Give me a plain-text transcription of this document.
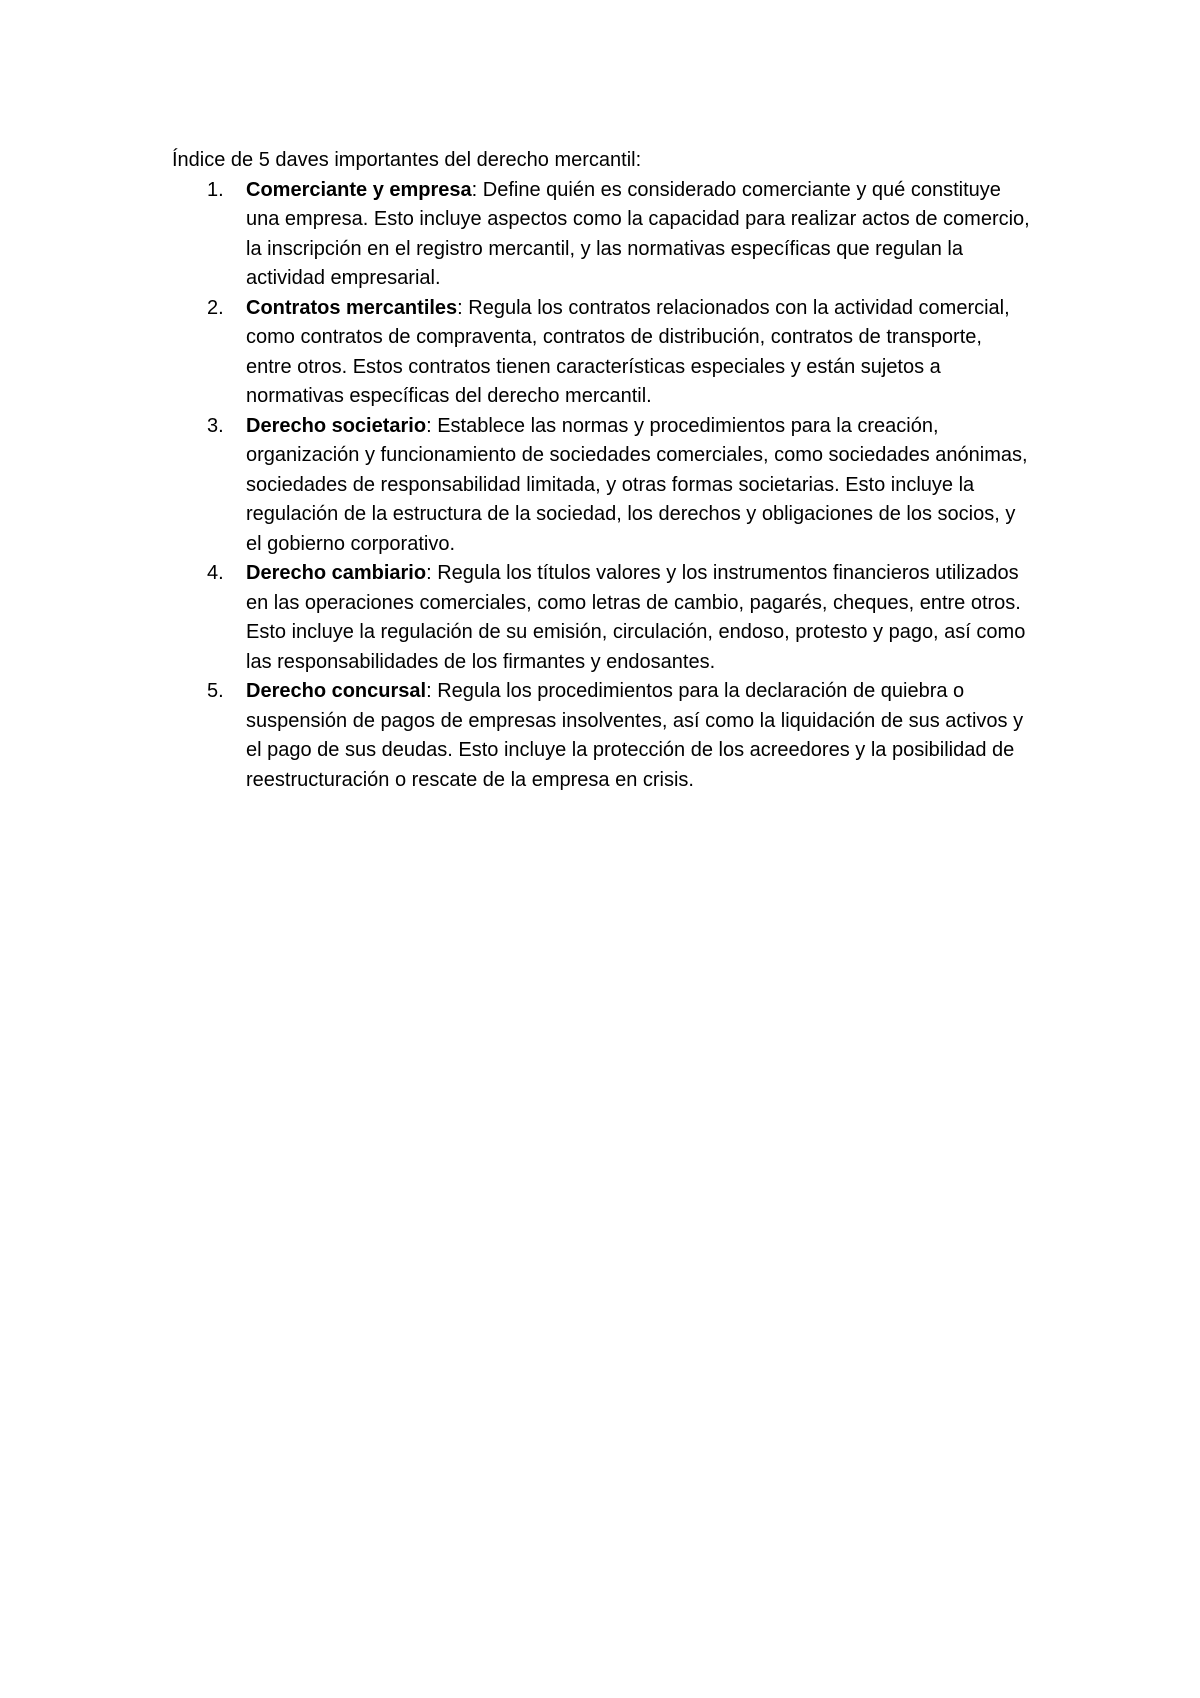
Índice de 5 daves importantes del derecho mercantil:

1. Comerciante y empresa: Define quién es considerado comerciante y qué constituye una empresa. Esto incluye aspectos como la capacidad para realizar actos de comercio, la inscripción en el registro mercantil, y las normativas específicas que regulan la actividad empresarial.
2. Contratos mercantiles: Regula los contratos relacionados con la actividad comercial, como contratos de compraventa, contratos de distribución, contratos de transporte, entre otros. Estos contratos tienen características especiales y están sujetos a normativas específicas del derecho mercantil.
3. Derecho societario: Establece las normas y procedimientos para la creación, organización y funcionamiento de sociedades comerciales, como sociedades anónimas, sociedades de responsabilidad limitada, y otras formas societarias. Esto incluye la regulación de la estructura de la sociedad, los derechos y obligaciones de los socios, y el gobierno corporativo.
4. Derecho cambiario: Regula los títulos valores y los instrumentos financieros utilizados en las operaciones comerciales, como letras de cambio, pagarés, cheques, entre otros. Esto incluye la regulación de su emisión, circulación, endoso, protesto y pago, así como las responsabilidades de los firmantes y endosantes.
5. Derecho concursal: Regula los procedimientos para la declaración de quiebra o suspensión de pagos de empresas insolventes, así como la liquidación de sus activos y el pago de sus deudas. Esto incluye la protección de los acreedores y la posibilidad de reestructuración o rescate de la empresa en crisis.
